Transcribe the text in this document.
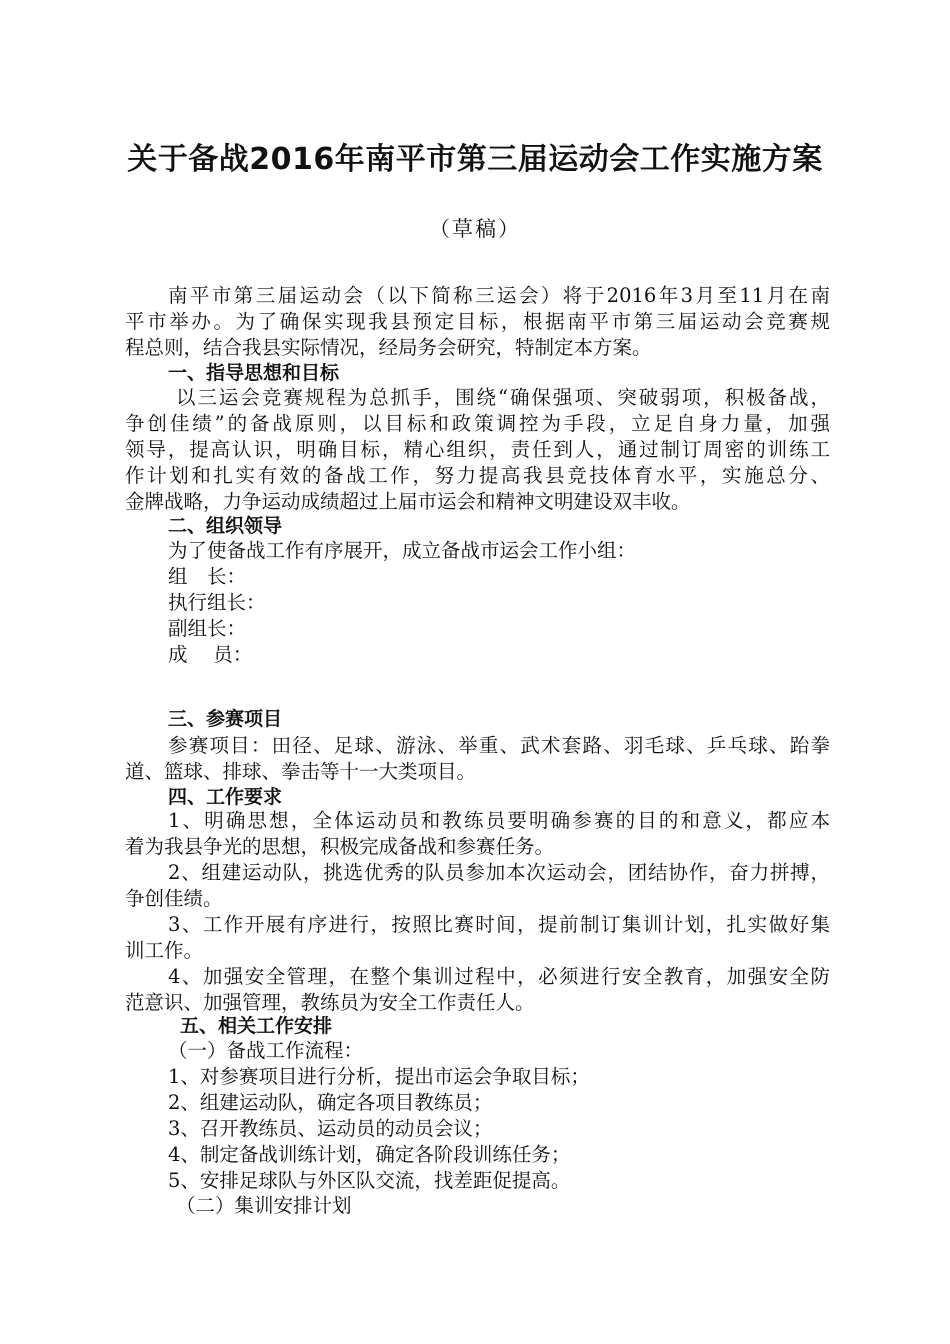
关于备战2016年南平市第三届运动会工作实施方案
（草稿）
南平市第三届运动会（以下简称三运会）将于2016年3月至11月在南
平市举办。为了确保实现我县预定目标，根据南平市第三届运动会竞赛规
程总则，结合我县实际情况，经局务会研究，特制定本方案。
一、指导思想和目标
以三运会竞赛规程为总抓手，围绕“确保强项、突破弱项，积极备战，
争创佳绩”的备战原则，以目标和政策调控为手段，立足自身力量，加强
领导，提高认识，明确目标，精心组织，责任到人，通过制订周密的训练工
作计划和扎实有效的备战工作，努力提高我县竞技体育水平，实施总分、
金牌战略，力争运动成绩超过上届市运会和精神文明建设双丰收。
二、组织领导
为了使备战工作有序展开，成立备战市运会工作小组：
组　长：
执行组长：
副组长：
成　 员：
三、参赛项目
参赛项目：田径、足球、游泳、举重、武术套路、羽毛球、乒乓球、跆拳
道、篮球、排球、拳击等十一大类项目。
四、工作要求
1、明确思想，全体运动员和教练员要明确参赛的目的和意义，都应本
着为我县争光的思想，积极完成备战和参赛任务。
2、组建运动队，挑选优秀的队员参加本次运动会，团结协作，奋力拼搏，
争创佳绩。
3、工作开展有序进行，按照比赛时间，提前制订集训计划，扎实做好集
训工作。
4、加强安全管理，在整个集训过程中，必须进行安全教育，加强安全防
范意识、加强管理，教练员为安全工作责任人。
五、相关工作安排
（一）备战工作流程：
1、对参赛项目进行分析，提出市运会争取目标；
2、组建运动队，确定各项目教练员；
3、召开教练员、运动员的动员会议；
4、制定备战训练计划，确定各阶段训练任务；
5、安排足球队与外区队交流，找差距促提高。
（二）集训安排计划
